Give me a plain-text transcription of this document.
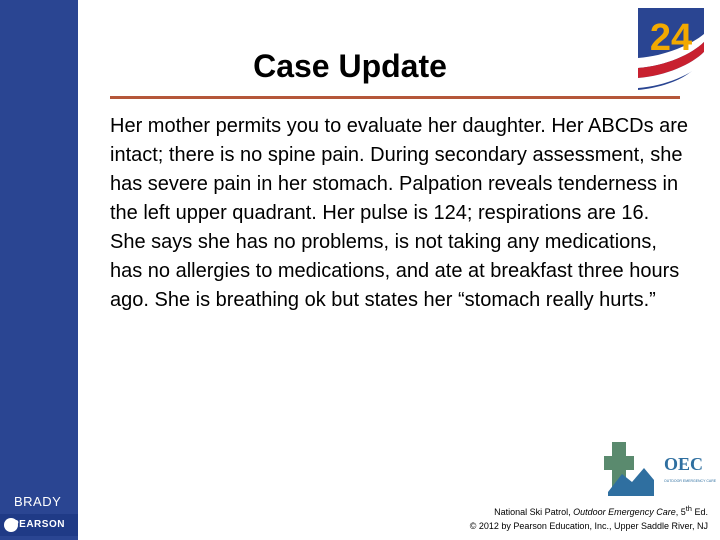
BRADY
PEARSON
Case Update
Her mother permits you to evaluate her daughter. Her ABCDs are intact; there is no spine pain. During secondary assessment, she has severe pain in her stomach. Palpation reveals tenderness in the left upper quadrant. Her pulse is 124; respirations are 16. She says she has no problems, is not taking any medications, has no allergies to medications, and ate at breakfast three hours ago. She is breathing ok but states her “stomach really hurts.”
24
OEC
OUTDOOR EMERGENCY CARE
National Ski Patrol, Outdoor Emergency Care, 5th Ed.
© 2012 by Pearson Education, Inc., Upper Saddle River, NJ
